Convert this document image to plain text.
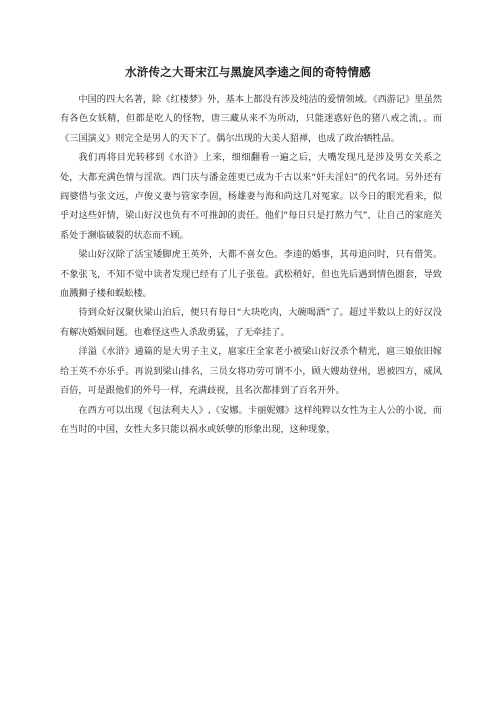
水浒传之大哥宋江与黑旋风李逵之间的奇特情感

中国的四大名著，除《红楼梦》外，基本上都没有涉及纯洁的爱情领域。《西游记》里虽然有各色女妖精，但都是吃人的怪物，唐三藏从来不为所动，只能迷惑好色的猪八戒之流，。而《三国演义》则完全是男人的天下了。偶尔出现的大美人貂禅，也成了政治牺牲品。

我们再将目光转移到《水浒》上来，细细翻看一遍之后，大嘴发现凡是涉及男女关系之处，大都充满色情与淫欲。西门庆与潘金莲更已成为千古以来“奸夫淫妇”的代名词。另外还有阎婆惜与张文远，卢俊义妻与管家李固，杨雄妻与海和尚这几对冤家。以今日的眼光看来，似乎对这些奸情，梁山好汉也负有不可推卸的责任。他们“每日只是打熬力气”，让自己的家庭关系处于濒临破裂的状态而不顾。

梁山好汉除了活宝矮脚虎王英外，大都不喜女色。李逵的婚事，其母追问时，只有借笑。不象张飞，不知不觉中读者发现已经有了儿子张苞。武松稍好，但也先后遇到情色圈套，导致血溅狮子楼和蜈蚣楼。

待到众好汉聚伙梁山泊后，便只有每日“大块吃肉，大碗喝酒”了。超过半数以上的好汉没有解决婚姻问题。也难怪这些人杀敌勇猛，了无牵挂了。

洋溢《水浒》通篇的是大男子主义，扈家庄全家老小被梁山好汉杀个精光，扈三娘依旧嫁给王英不亦乐乎。再说到梁山排名，三员女将功劳可谓不小，顾大嫂劫登州，恩被四方，威风百倍，可是跟他们的外号一样，充满歧视，且名次都排到了百名开外。

在西方可以出现《包法利夫人》,《安娜。卡丽妮娜》这样纯粹以女性为主人公的小说，而在当时的中国，女性大多只能以祸水或妖孽的形象出现，这种现象，
